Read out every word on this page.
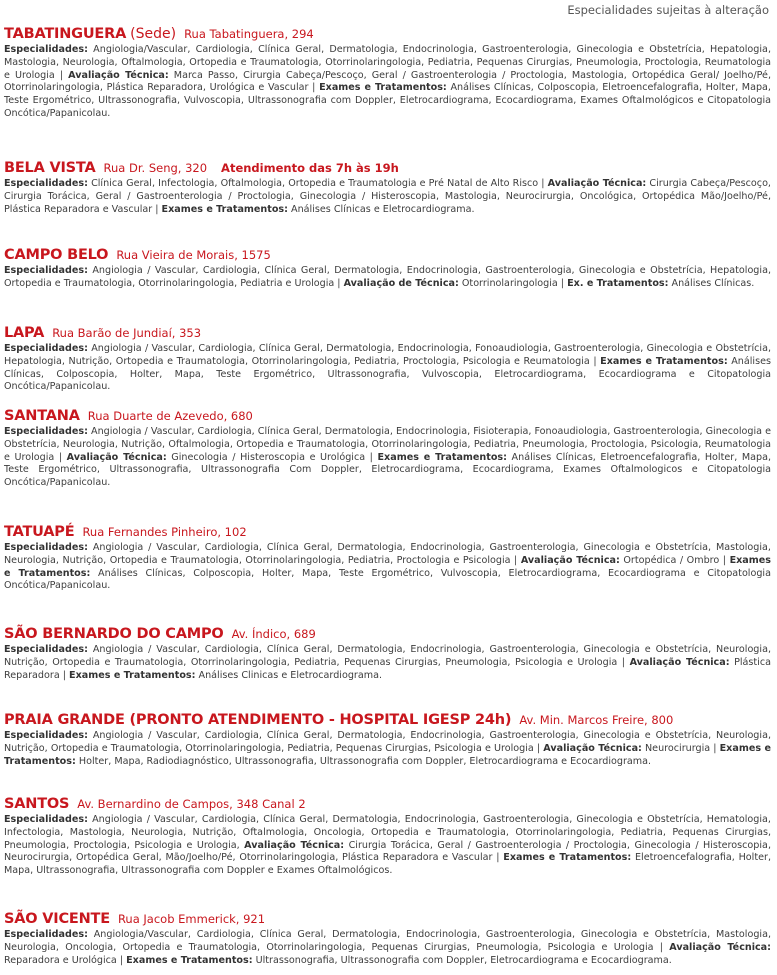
Especialidades sujeitas à alteração
TABATINGUERA (Sede) Rua Tabatinguera, 294

Especialidades: Angiologia/Vascular, Cardiologia, Clínica Geral, Dermatologia, Endocrinologia, Gastroenterologia, Ginecologia e Obstetrícia, Hepatologia, Mastologia, Neurologia, Oftalmologia, Ortopedia e Traumatologia, Otorrinolaringologia, Pediatria, Pequenas Cirurgias, Pneumologia, Proctologia, Reumatologia e Urologia | Avaliação Técnica: Marca Passo, Cirurgia Cabeça/Pescoço, Geral / Gastroenterologia / Proctologia, Mastologia, Ortopédica Geral/ Joelho/Pé, Otorrinolaringologia, Plástica Reparadora, Urológica e Vascular | Exames e Tratamentos: Análises Clínicas, Colposcopia, Eletroencefalografia, Holter, Mapa, Teste Ergométrico, Ultrassonografia, Vulvoscopia, Ultrassonografia com Doppler, Eletrocardiograma, Ecocardiograma, Exames Oftalmológicos e Citopatologia Oncótica/Papanicolau.

BELA VISTA Rua Dr. Seng, 320 Atendimento das 7h às 19h

Especialidades: Clínica Geral, Infectologia, Oftalmologia, Ortopedia e Traumatologia e Pré Natal de Alto Risco | Avaliação Técnica: Cirurgia Cabeça/Pescoço, Cirurgia Torácica, Geral / Gastroenterologia / Proctologia, Ginecologia / Histeroscopia, Mastologia, Neurocirurgia, Oncológica, Ortopédica Mão/Joelho/Pé, Plástica Reparadora e Vascular | Exames e Tratamentos: Análises Clínicas e Eletrocardiograma.

CAMPO BELO Rua Vieira de Morais, 1575

Especialidades: Angiologia / Vascular, Cardiologia, Clínica Geral, Dermatologia, Endocrinologia, Gastroenterologia, Ginecologia e Obstetrícia, Hepatologia, Ortopedia e Traumatologia, Otorrinolaringologia, Pediatria e Urologia | Avaliação de Técnica: Otorrinolaringologia | Ex. e Tratamentos: Análises Clínicas.

LAPA Rua Barão de Jundiaí, 353

Especialidades: Angiologia / Vascular, Cardiologia, Clínica Geral, Dermatologia, Endocrinologia, Fonoaudiologia, Gastroenterologia, Ginecologia e Obstetrícia, Hepatologia, Nutrição, Ortopedia e Traumatologia, Otorrinolaringologia, Pediatria, Proctologia, Psicologia e Reumatologia | Exames e Tratamentos: Análises Clínicas, Colposcopia, Holter, Mapa, Teste Ergométrico, Ultrassonografia, Vulvoscopia, Eletrocardiograma, Ecocardiograma e Citopatologia Oncótica/Papanicolau.

SANTANA Rua Duarte de Azevedo, 680

Especialidades: Angiologia / Vascular, Cardiologia, Clínica Geral, Dermatologia, Endocrinologia, Fisioterapia, Fonoaudiologia, Gastroenterologia, Ginecologia e Obstetrícia, Neurologia, Nutrição, Oftalmologia, Ortopedia e Traumatologia, Otorrinolaringologia, Pediatria, Pneumologia, Proctologia, Psicologia, Reumatologia e Urologia | Avaliação Técnica: Ginecologia / Histeroscopia e Urológica | Exames e Tratamentos: Análises Clínicas, Eletroencefalografia, Holter, Mapa, Teste Ergométrico, Ultrassonografia, Ultrassonografia Com Doppler, Eletrocardiograma, Ecocardiograma, Exames Oftalmologicos e Citopatologia Oncótica/Papanicolau.

TATUAPÉ Rua Fernandes Pinheiro, 102

Especialidades: Angiologia / Vascular, Cardiologia, Clínica Geral, Dermatologia, Endocrinologia, Gastroenterologia, Ginecologia e Obstetrícia, Mastologia, Neurologia, Nutrição, Ortopedia e Traumatologia, Otorrinolaringologia, Pediatria, Proctologia e Psicologia | Avaliação Técnica: Ortopédica / Ombro | Exames e Tratamentos: Análises Clínicas, Colposcopia, Holter, Mapa, Teste Ergométrico, Vulvoscopia, Eletrocardiograma, Ecocardiograma e Citopatologia Oncótica/Papanicolau.

SÃO BERNARDO DO CAMPO Av. Índico, 689

Especialidades: Angiologia / Vascular, Cardiologia, Clínica Geral, Dermatologia, Endocrinologia, Gastroenterologia, Ginecologia e Obstetrícia, Neurologia, Nutrição, Ortopedia e Traumatologia, Otorrinolaringologia, Pediatria, Pequenas Cirurgias, Pneumologia, Psicologia e Urologia | Avaliação Técnica: Plástica Reparadora | Exames e Tratamentos: Análises Clinicas e Eletrocardiograma.

PRAIA GRANDE (PRONTO ATENDIMENTO - HOSPITAL IGESP 24h) Av. Min. Marcos Freire, 800

Especialidades: Angiologia / Vascular, Cardiologia, Clínica Geral, Dermatologia, Endocrinologia, Gastroenterologia, Ginecologia e Obstetrícia, Neurologia, Nutrição, Ortopedia e Traumatologia, Otorrinolaringologia, Pediatria, Pequenas Cirurgias, Psicologia e Urologia | Avaliação Técnica: Neurocirurgia | Exames e Tratamentos: Holter, Mapa, Radiodiagnóstico, Ultrassonografia, Ultrassonografia com Doppler, Eletrocardiograma e Ecocardiograma.

SANTOS Av. Bernardino de Campos, 348 Canal 2

Especialidades: Angiologia / Vascular, Cardiologia, Clínica Geral, Dermatologia, Endocrinologia, Gastroenterologia, Ginecologia e Obstetrícia, Hematologia, Infectologia, Mastologia, Neurologia, Nutrição, Oftalmologia, Oncologia, Ortopedia e Traumatologia, Otorrinolaringologia, Pediatria, Pequenas Cirurgias, Pneumologia, Proctologia, Psicologia e Urologia, Avaliação Técnica: Cirurgia Torácica, Geral / Gastroenterologia / Proctologia, Ginecologia / Histeroscopia, Neurocirurgia, Ortopédica Geral, Mão/Joelho/Pé, Otorrinolaringologia, Plástica Reparadora e Vascular | Exames e Tratamentos: Eletroencefalografia, Holter, Mapa, Ultrassonografia, Ultrassonografia com Doppler e Exames Oftalmológicos.

SÃO VICENTE Rua Jacob Emmerick, 921

Especialidades: Angiologia/Vascular, Cardiologia, Clínica Geral, Dermatologia, Endocrinologia, Gastroenterologia, Ginecologia e Obstetrícia, Mastologia, Neurologia, Oncologia, Ortopedia e Traumatologia, Otorrinolaringologia, Pequenas Cirurgias, Pneumologia, Psicologia e Urologia | Avaliação Técnica: Reparadora e Urológica | Exames e Tratamentos: Ultrassonografia, Ultrassonografia com Doppler, Eletrocardiograma e Ecocardiograma.
